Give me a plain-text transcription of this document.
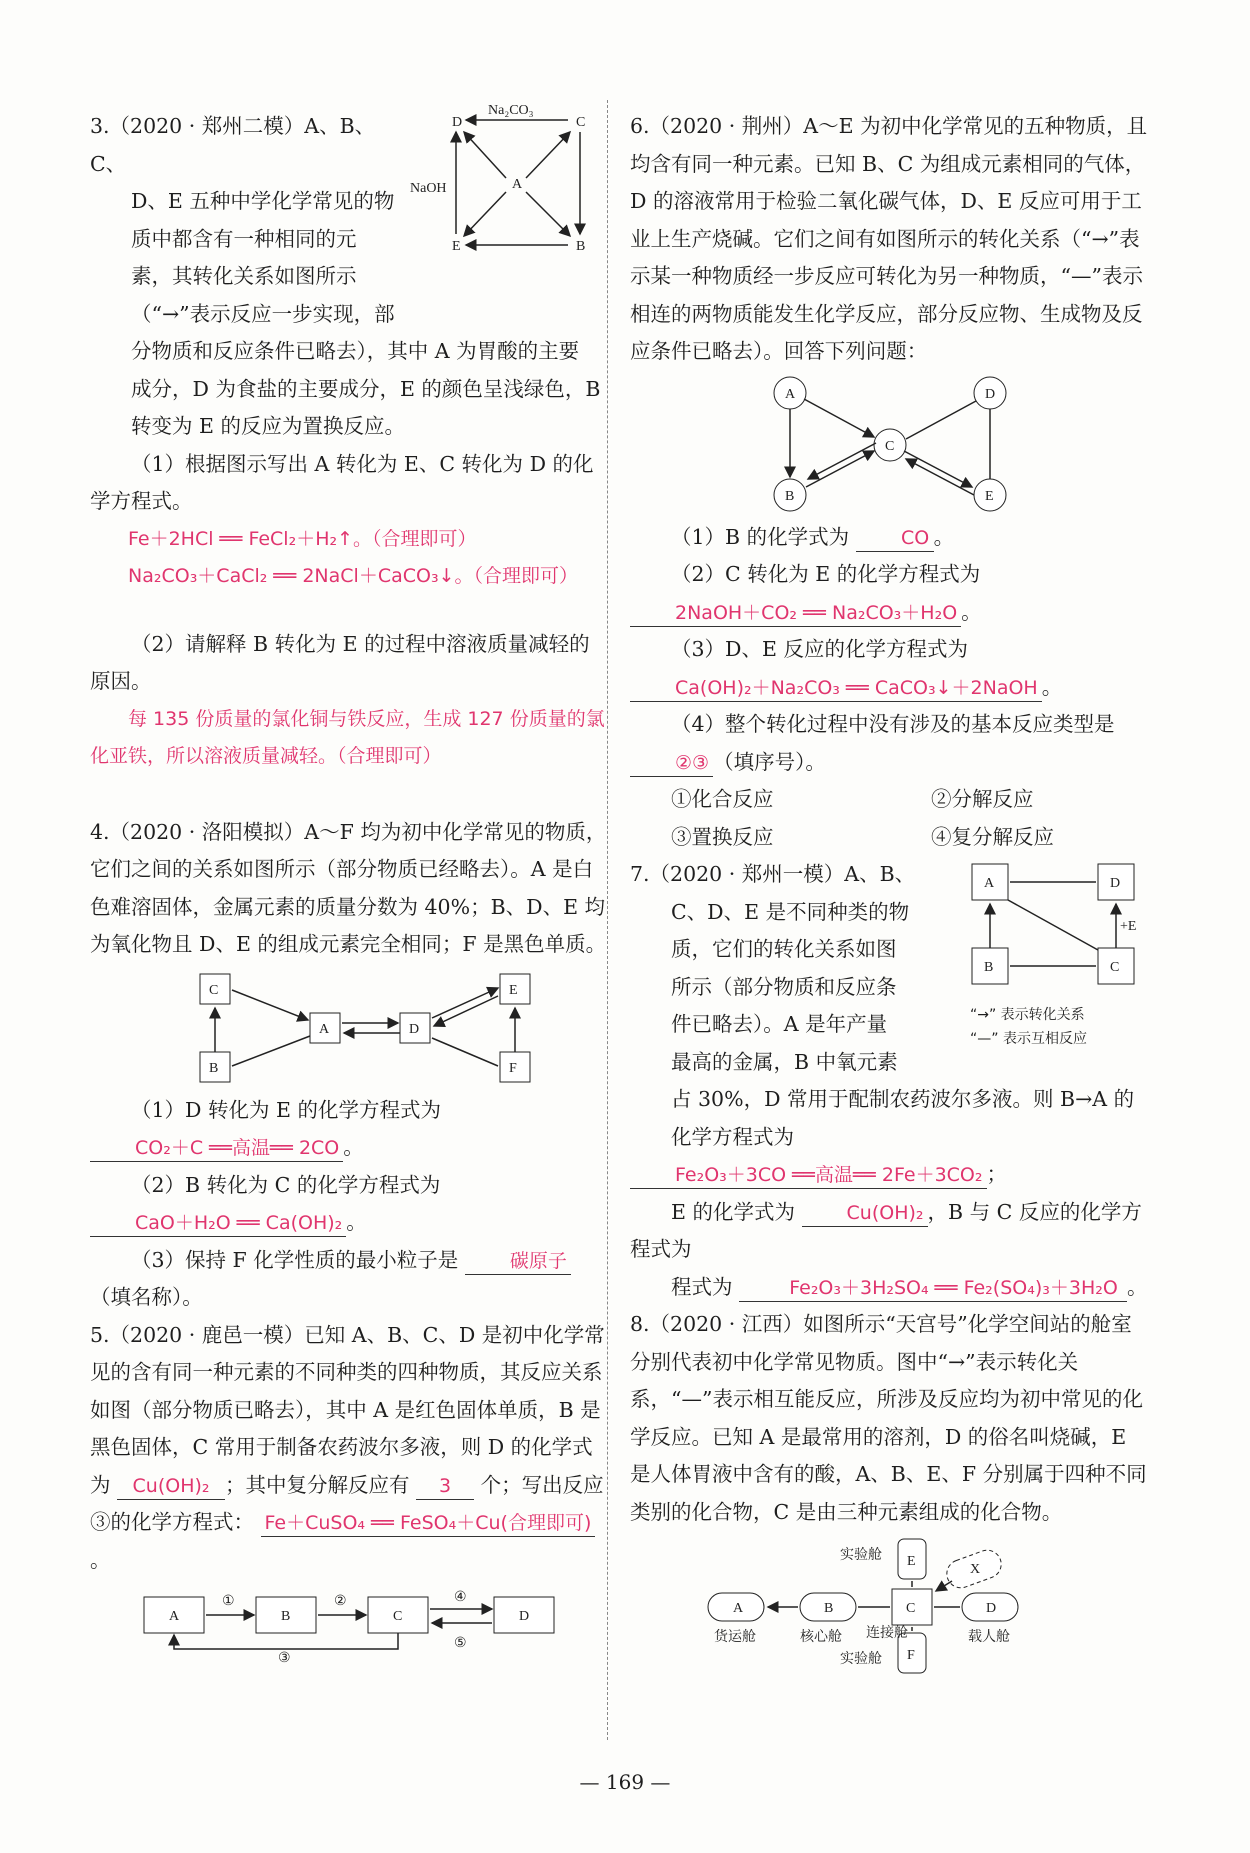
Na₂CO₃
D	C
E	B
A
NaOH

3.（2020 · 郑州二模）A、B、C、

D、E 五种中学化学常见的物

质中都含有一种相同的元

素，其转化关系如图所示

（“→”表示反应一步实现，部

分物质和反应条件已略去），其中 A 为胃酸的主要

成分，D 为食盐的主要成分，E 的颜色呈浅绿色，B

转变为 E 的反应为置换反应。

（1）根据图示写出 A 转化为 E、C 转化为 D 的化学方程式。

Fe＋2HCl ══ FeCl₂＋H₂↑。（合理即可）

Na₂CO₃＋CaCl₂ ══ 2NaCl＋CaCO₃↓。（合理即可）

（2）请解释 B 转化为 E 的过程中溶液质量减轻的原因。

每 135 份质量的氯化铜与铁反应，生成 127 份质量的氯化亚铁，所以溶液质量减轻。（合理即可）

4.（2020 · 洛阳模拟）A～F 均为初中化学常见的物质，它们之间的关系如图所示（部分物质已经略去）。A 是白色难溶固体，金属元素的质量分数为 40%；B、D、E 均为氧化物且 D、E 的组成元素完全相同；F 是黑色单质。

C
B
A	D
E
F

（1）D 转化为 E 的化学方程式为 CO₂＋C ══高温══ 2CO 。

（2）B 转化为 C 的化学方程式为 CaO＋H₂O ══ Ca(OH)₂ 。

（3）保持 F 化学性质的最小粒子是	碳原子（填名称）。

5.（2020 · 鹿邑一模）已知 A、B、C、D 是初中化学常见的含有同一种元素的不同种类的四种物质，其反应关系如图（部分物质已略去），其中 A 是红色固体单质，B 是黑色固体，C 常用于制备农药波尔多液，则 D 的化学式为 Cu(OH)₂ ；其中复分解反应有 3 个；写出反应③的化学方程式： Fe＋CuSO₄ ══ FeSO₄＋Cu(合理即可)。

A	B	C	D
①	②	④
⑤
③

6.（2020 · 荆州）A～E 为初中化学常见的五种物质，且均含有同一种元素。已知 B、C 为组成元素相同的气体，D 的溶液常用于检验二氧化碳气体，D、E 反应可用于工业上生产烧碱。它们之间有如图所示的转化关系（“→”表示某一种物质经一步反应可转化为另一种物质，“—”表示相连的两物质能发生化学反应，部分反应物、生成物及反应条件已略去）。回答下列问题：

A
B
C
D
E

（1）B 的化学式为	CO 。

（2）C 转化为 E 的化学方程式为 2NaOH＋CO₂ ══ Na₂CO₃＋H₂O 。

（3）D、E 反应的化学方程式为 Ca(OH)₂＋Na₂CO₃ ══ CaCO₃↓＋2NaOH 。

（4）整个转化过程中没有涉及的基本反应类型是 ②③ （填序号）。

①化合反应	②分解反应
③置换反应	④复分解反应
A	D
B	C
+E
“→” 表示转化关系
“—” 表示互相反应

7.（2020 · 郑州一模）A、B、

C、D、E 是不同种类的物

质，它们的转化关系如图

所示（部分物质和反应条

件已略去）。A 是年产量

最高的金属，B 中氧元素

占 30%，D 常用于配制农药波尔多液。则 B→A 的

化学方程式为 Fe₂O₃＋3CO ══高温══ 2Fe＋3CO₂ ；

E 的化学式为	Cu(OH)₂ ，B 与 C 反应的化学方程式为

程式为	Fe₂O₃＋3H₂SO₄ ══ Fe₂(SO₄)₃＋3H₂O 。

8.（2020 · 江西）如图所示“天宫号”化学空间站的舱室分别代表初中化学常见物质。图中“→”表示转化关系，“—”表示相互能反应，所涉及反应均为初中常见的化学反应。已知 A 是最常用的溶剂，D 的俗名叫烧碱，E 是人体胃液中含有的酸，A、B、E、F 分别属于四种不同类别的化合物，C 是由三种元素组成的化合物。

A	B	C	D
E
F
X
实验舱
货运舱	核心舱 连接舱	载人舱
实验舱
— 169 —
